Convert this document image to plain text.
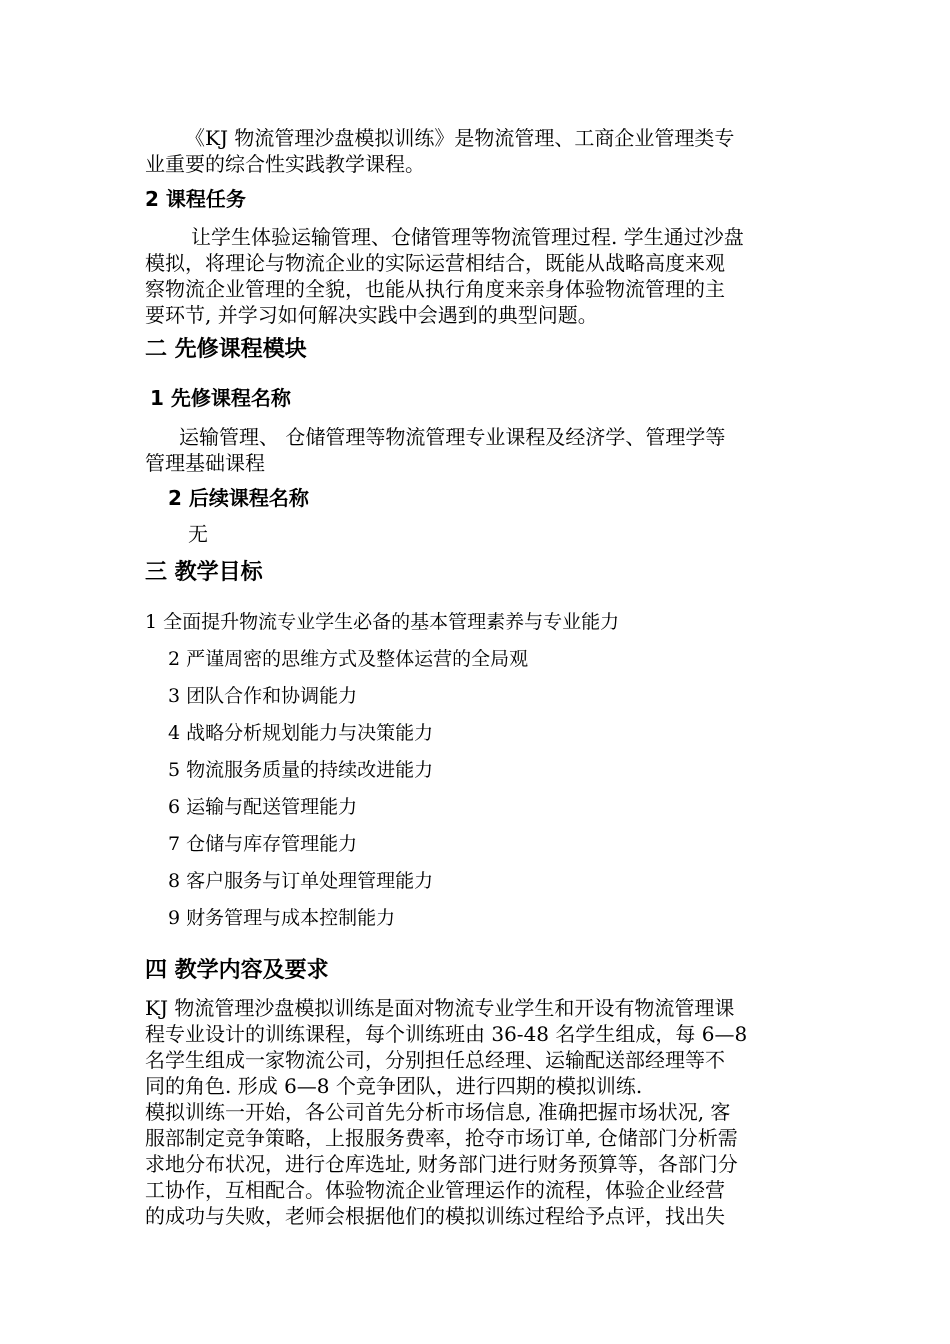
《KJ 物流管理沙盘模拟训练》是物流管理、工商企业管理类专
业重要的综合性实践教学课程。
2 课程任务
让学生体验运输管理、仓储管理等物流管理过程. 学生通过沙盘
模拟，将理论与物流企业的实际运营相结合，既能从战略高度来观
察物流企业管理的全貌，也能从执行角度来亲身体验物流管理的主
要环节, 并学习如何解决实践中会遇到的典型问题。
二 先修课程模块
1 先修课程名称
运输管理、 仓储管理等物流管理专业课程及经济学、管理学等
管理基础课程
2 后续课程名称
无
三 教学目标
1 全面提升物流专业学生必备的基本管理素养与专业能力
2 严谨周密的思维方式及整体运营的全局观
3 团队合作和协调能力
4 战略分析规划能力与决策能力
5 物流服务质量的持续改进能力
6 运输与配送管理能力
7 仓储与库存管理能力
8 客户服务与订单处理管理能力
9 财务管理与成本控制能力
四 教学内容及要求
KJ 物流管理沙盘模拟训练是面对物流专业学生和开设有物流管理课
程专业设计的训练课程，每个训练班由 36-48 名学生组成，每 6—8
名学生组成一家物流公司，分别担任总经理、运输配送部经理等不
同的角色. 形成 6—8 个竞争团队，进行四期的模拟训练.
模拟训练一开始，各公司首先分析市场信息, 准确把握市场状况, 客
服部制定竞争策略，上报服务费率，抢夺市场订单, 仓储部门分析需
求地分布状况，进行仓库选址, 财务部门进行财务预算等，各部门分
工协作，互相配合。体验物流企业管理运作的流程，体验企业经营
的成功与失败，老师会根据他们的模拟训练过程给予点评，找出失
